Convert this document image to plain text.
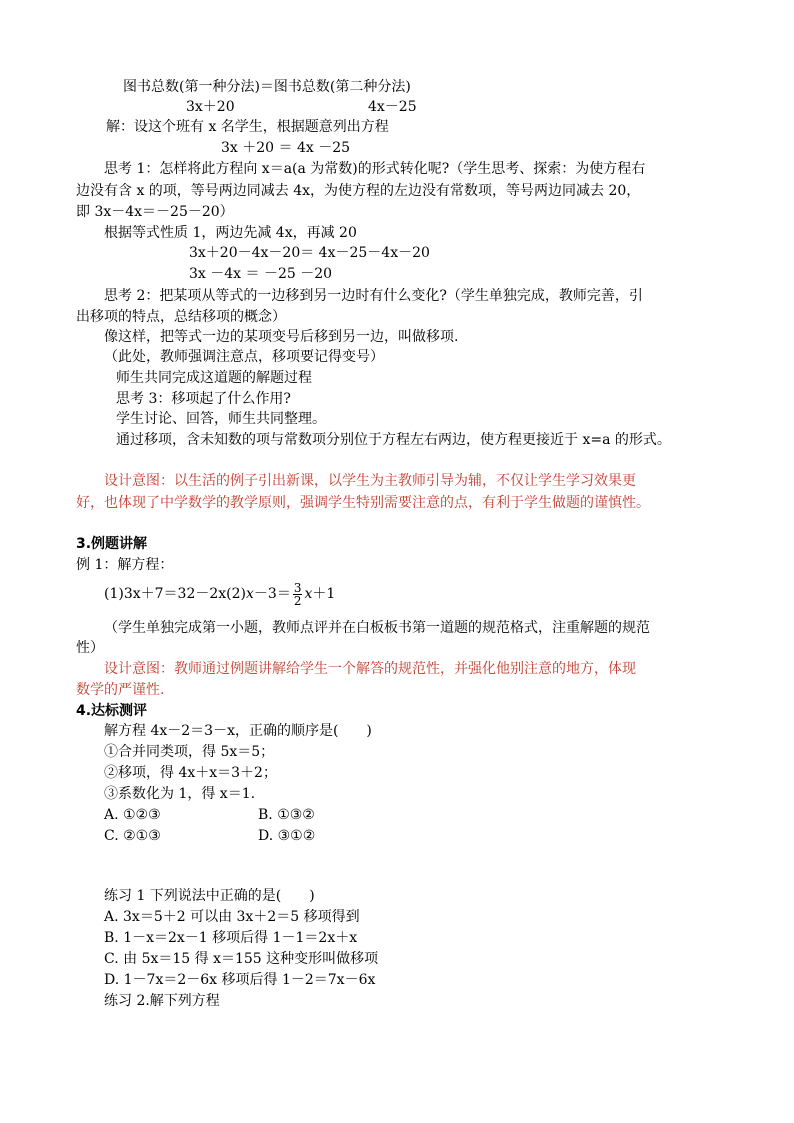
图书总数(第一种分法)＝图书总数(第二种分法)
3x＋20	4x－25
解：设这个班有 x 名学生，根据题意列出方程
3x ＋20 ＝ 4x －25
思考 1：怎样将此方程向 x＝a(a 为常数)的形式转化呢?（学生思考、探索：为使方程右
边没有含 x 的项，等号两边同减去 4x，为使方程的左边没有常数项，等号两边同减去 20，
即 3x－4x＝－25－20）
根据等式性质 1，两边先减 4x，再减 20
3x＋20－4x－20＝ 4x－25－4x－20
3x －4x ＝ －25 －20
思考 2：把某项从等式的一边移到另一边时有什么变化?（学生单独完成，教师完善，引
出移项的特点，总结移项的概念）
像这样，把等式一边的某项变号后移到另一边，叫做移项.
（此处，教师强调注意点，移项要记得变号）
师生共同完成这道题的解题过程
思考 3：移项起了什么作用?
学生讨论、回答，师生共同整理。
通过移项，含未知数的项与常数项分别位于方程左右两边，使方程更接近于 x=a 的形式。
设计意图：以生活的例子引出新课，以学生为主教师引导为辅，不仅让学生学习效果更
好，也体现了中学数学的教学原则，强调学生特别需要注意的点，有利于学生做题的谨慎性。
3.例题讲解
例 1：解方程：
$(1)3x+7=32-2x(2)x-3= \frac{3}{2} x+1$
（学生单独完成第一小题，教师点评并在白板板书第一道题的规范格式，注重解题的规范
性）
设计意图：教师通过例题讲解给学生一个解答的规范性，并强化他别注意的地方，体现
数学的严谨性.
4.达标测评
解方程 4x－2＝3－x，正确的顺序是(　　)
①合并同类项，得 5x＝5；
②移项，得 4x＋x＝3＋2；
③系数化为 1，得 x＝1.
A. ①②③	B. ①③②
C. ②①③	D. ③①②
练习 1 下列说法中正确的是(　　)
A. 3x＝5＋2 可以由 3x＋2＝5 移项得到
B. 1－x＝2x－1 移项后得 1－1＝2x＋x
C. 由 5x＝15 得 x＝155 这种变形叫做移项
D. 1－7x＝2－6x 移项后得 1－2＝7x－6x
练习 2.解下列方程
